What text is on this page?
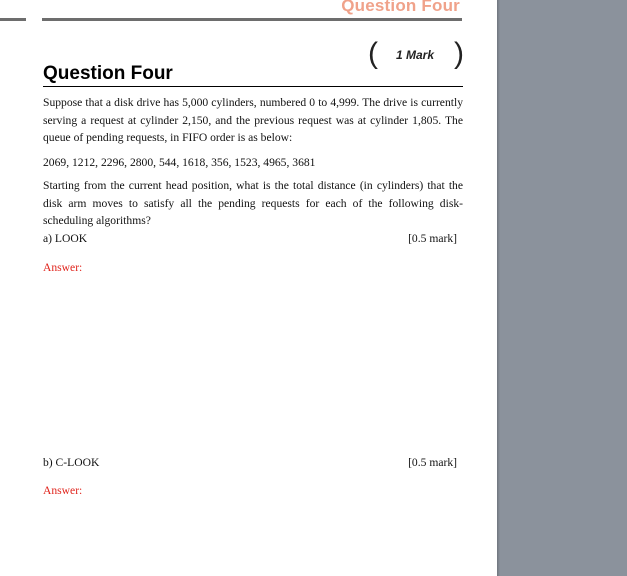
Question Four
( 1 Mark )
Question Four
Suppose that a disk drive has 5,000 cylinders, numbered 0 to 4,999. The drive is currently serving a request at cylinder 2,150, and the previous request was at cylinder 1,805. The queue of pending requests, in FIFO order is as below:
2069, 1212, 2296, 2800, 544, 1618, 356, 1523, 4965, 3681
Starting from the current head position, what is the total distance (in cylinders) that the disk arm moves to satisfy all the pending requests for each of the following disk-scheduling algorithms?
a) LOOK	[0.5 mark]
Answer:
b) C-LOOK	[0.5 mark]
Answer:
